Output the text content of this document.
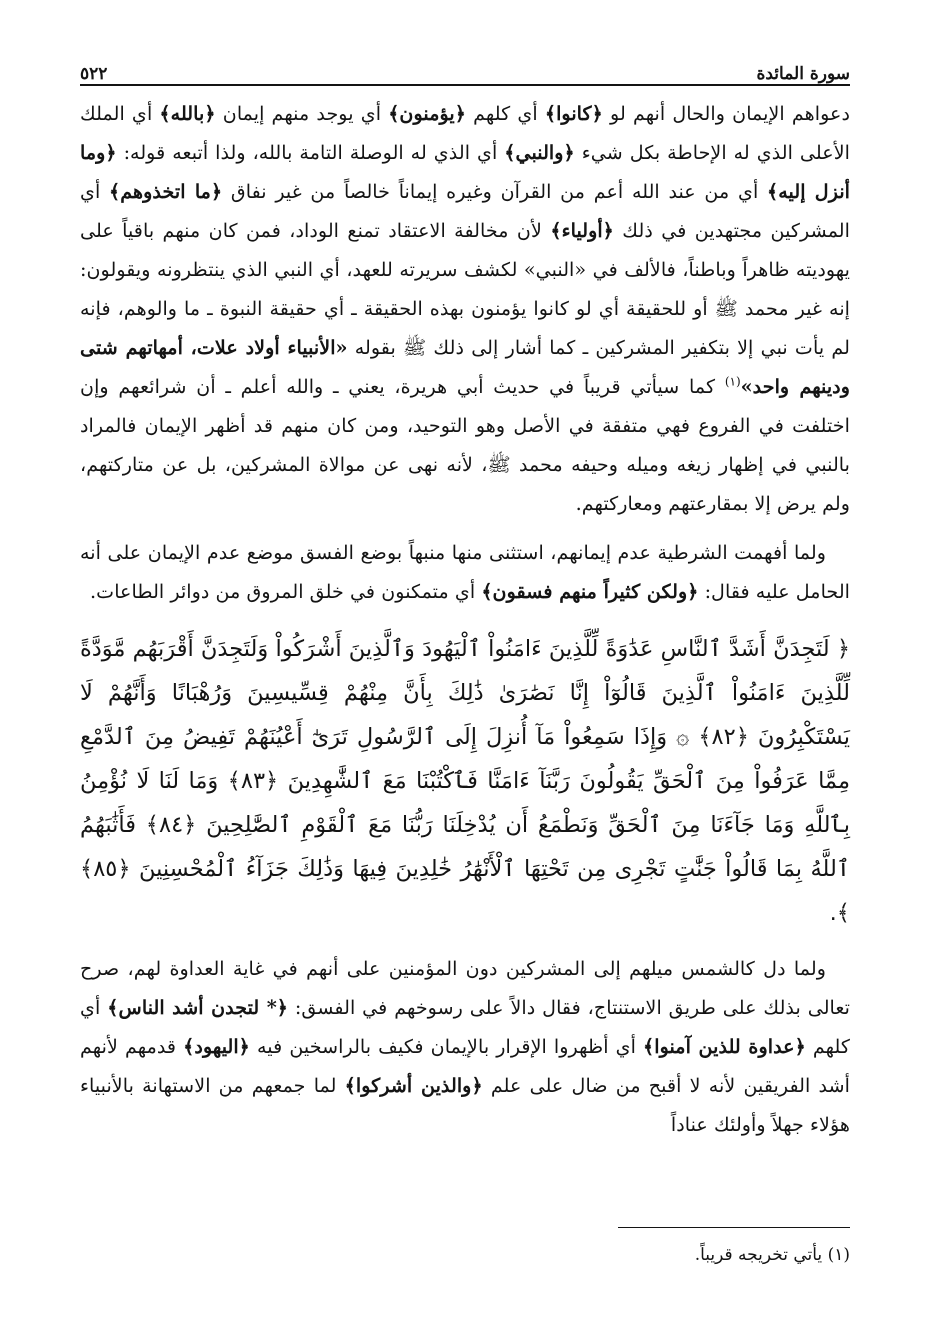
سورة المائدة
٥٢٢

دعواهم الإيمان والحال أنهم لو ﴿كانوا﴾ أي كلهم ﴿يؤمنون﴾ أي يوجد منهم إيمان ﴿بالله﴾ أي الملك الأعلى الذي له الإحاطة بكل شيء ﴿والنبي﴾ أي الذي له الوصلة التامة بالله، ولذا أتبعه قوله: ﴿وما أنزل إليه﴾ أي من عند الله أعم من القرآن وغيره إيماناً خالصاً من غير نفاق ﴿ما اتخذوهم﴾ أي المشركين مجتهدين في ذلك ﴿أولياء﴾ لأن مخالفة الاعتقاد تمنع الوداد، فمن كان منهم باقياً على يهوديته ظاهراً وباطناً، فالألف في «النبي» لكشف سريرته للعهد، أي النبي الذي ينتظرونه ويقولون: إنه غير محمد ﷺ أو للحقيقة أي لو كانوا يؤمنون بهذه الحقيقة ـ أي حقيقة النبوة ـ ما والوهم، فإنه لم يأت نبي إلا بتكفير المشركين ـ كما أشار إلى ذلك ﷺ بقوله «الأنبياء أولاد علات، أمهاتهم شتى ودينهم واحد»$^{(١)}$ كما سيأتي قريباً في حديث أبي هريرة، يعني ـ والله أعلم ـ أن شرائعهم وإن اختلفت في الفروع فهي متفقة في الأصل وهو التوحيد، ومن كان منهم قد أظهر الإيمان فالمراد بالنبي في إظهار زيغه وميله وحيفه محمد ﷺ، لأنه نهى عن موالاة المشركين، بل عن متاركتهم، ولم يرض إلا بمقارعتهم ومعاركتهم.

ولما أفهمت الشرطية عدم إيمانهم، استثنى منها منبهاً بوضع الفسق موضع عدم الإيمان على أنه الحامل عليه فقال: ﴿ولكن كثيراً منهم فسقون﴾ أي متمكنون في خلق المروق من دوائر الطاعات.

﴿ لَتَجِدَنَّ أَشَدَّ ٱلنَّاسِ عَدَٰوَةً لِّلَّذِينَ ءَامَنُواْ ٱلْيَهُودَ وَٱلَّذِينَ أَشْرَكُواْ وَلَتَجِدَنَّ أَقْرَبَهُم مَّوَدَّةً لِّلَّذِينَ ءَامَنُواْ ٱلَّذِينَ قَالُوٓاْ إِنَّا نَصَٰرَىٰ ذَٰلِكَ بِأَنَّ مِنْهُمْ قِسِّيسِينَ وَرُهْبَانًا وَأَنَّهُمْ لَا يَسْتَكْبِرُونَ ﴿٨٢﴾ ۞ وَإِذَا سَمِعُواْ مَآ أُنزِلَ إِلَى ٱلرَّسُولِ تَرَىٰٓ أَعْيُنَهُمْ تَفِيضُ مِنَ ٱلدَّمْعِ مِمَّا عَرَفُواْ مِنَ ٱلْحَقِّ يَقُولُونَ رَبَّنَآ ءَامَنَّا فَٱكْتُبْنَا مَعَ ٱلشَّٰهِدِينَ ﴿٨٣﴾ وَمَا لَنَا لَا نُؤْمِنُ بِٱللَّهِ وَمَا جَآءَنَا مِنَ ٱلْحَقِّ وَنَطْمَعُ أَن يُدْخِلَنَا رَبُّنَا مَعَ ٱلْقَوْمِ ٱلصَّٰلِحِينَ ﴿٨٤﴾ فَأَثَٰبَهُمُ ٱللَّهُ بِمَا قَالُواْ جَنَّٰتٍ تَجْرِى مِن تَحْتِهَا ٱلْأَنْهَٰرُ خَٰلِدِينَ فِيهَا وَذَٰلِكَ جَزَآءُ ٱلْمُحْسِنِينَ ﴿٨٥﴾ ﴾.

ولما دل كالشمس ميلهم إلى المشركين دون المؤمنين على أنهم في غاية العداوة لهم، صرح تعالى بذلك على طريق الاستنتاج، فقال دالاً على رسوخهم في الفسق: ﴿* لتجدن أشد الناس﴾ أي كلهم ﴿عداوة للذين آمنوا﴾ أي أظهروا الإقرار بالإيمان فكيف بالراسخين فيه ﴿اليهود﴾ قدمهم لأنهم أشد الفريقين لأنه لا أقبح من ضال على علم ﴿والذين أشركوا﴾ لما جمعهم من الاستهانة بالأنبياء هؤلاء جهلاً وأولئك عناداً

(١) يأتي تخريجه قريباً.
